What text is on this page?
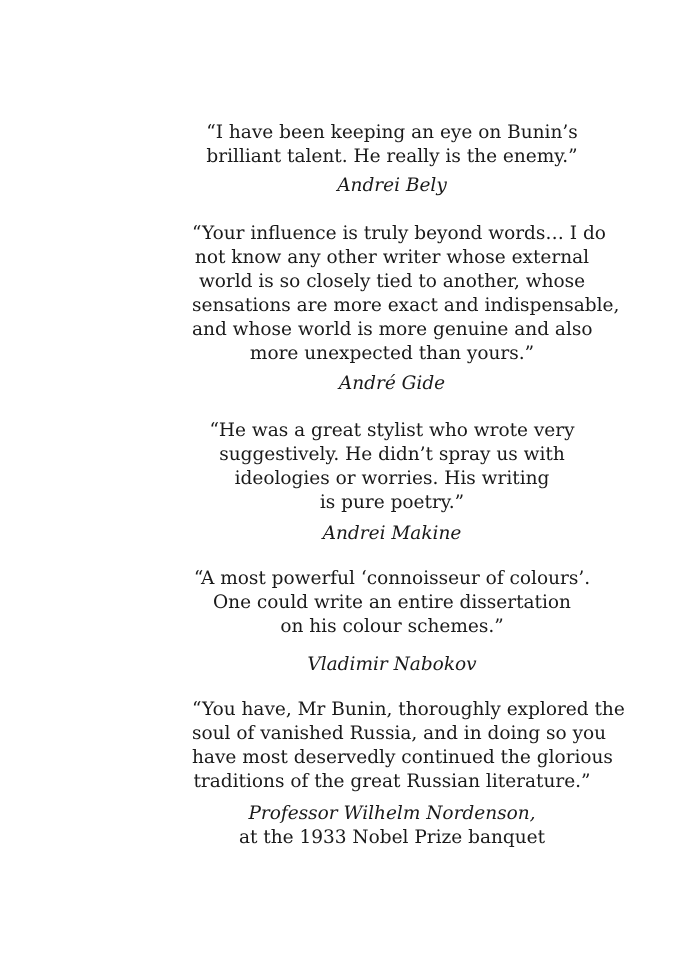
“I have been keeping an eye on Bunin’s
brilliant talent. He really is the enemy.”
Andrei Bely
“Your influence is truly beyond words… I do
not know any other writer whose external
world is so closely tied to another, whose
sensations are more exact and indispensable,
and whose world is more genuine and also
more unexpected than yours.”
André Gide
“He was a great stylist who wrote very
suggestively. He didn’t spray us with
ideologies or worries. His writing
is pure poetry.”
Andrei Makine
“A most powerful ‘connoisseur of colours’.
One could write an entire dissertation
on his colour schemes.”
Vladimir Nabokov
“You have, Mr Bunin, thoroughly explored the
soul of vanished Russia, and in doing so you
have most deservedly continued the glorious
traditions of the great Russian literature.”
Professor Wilhelm Nordenson,
at the 1933 Nobel Prize banquet
